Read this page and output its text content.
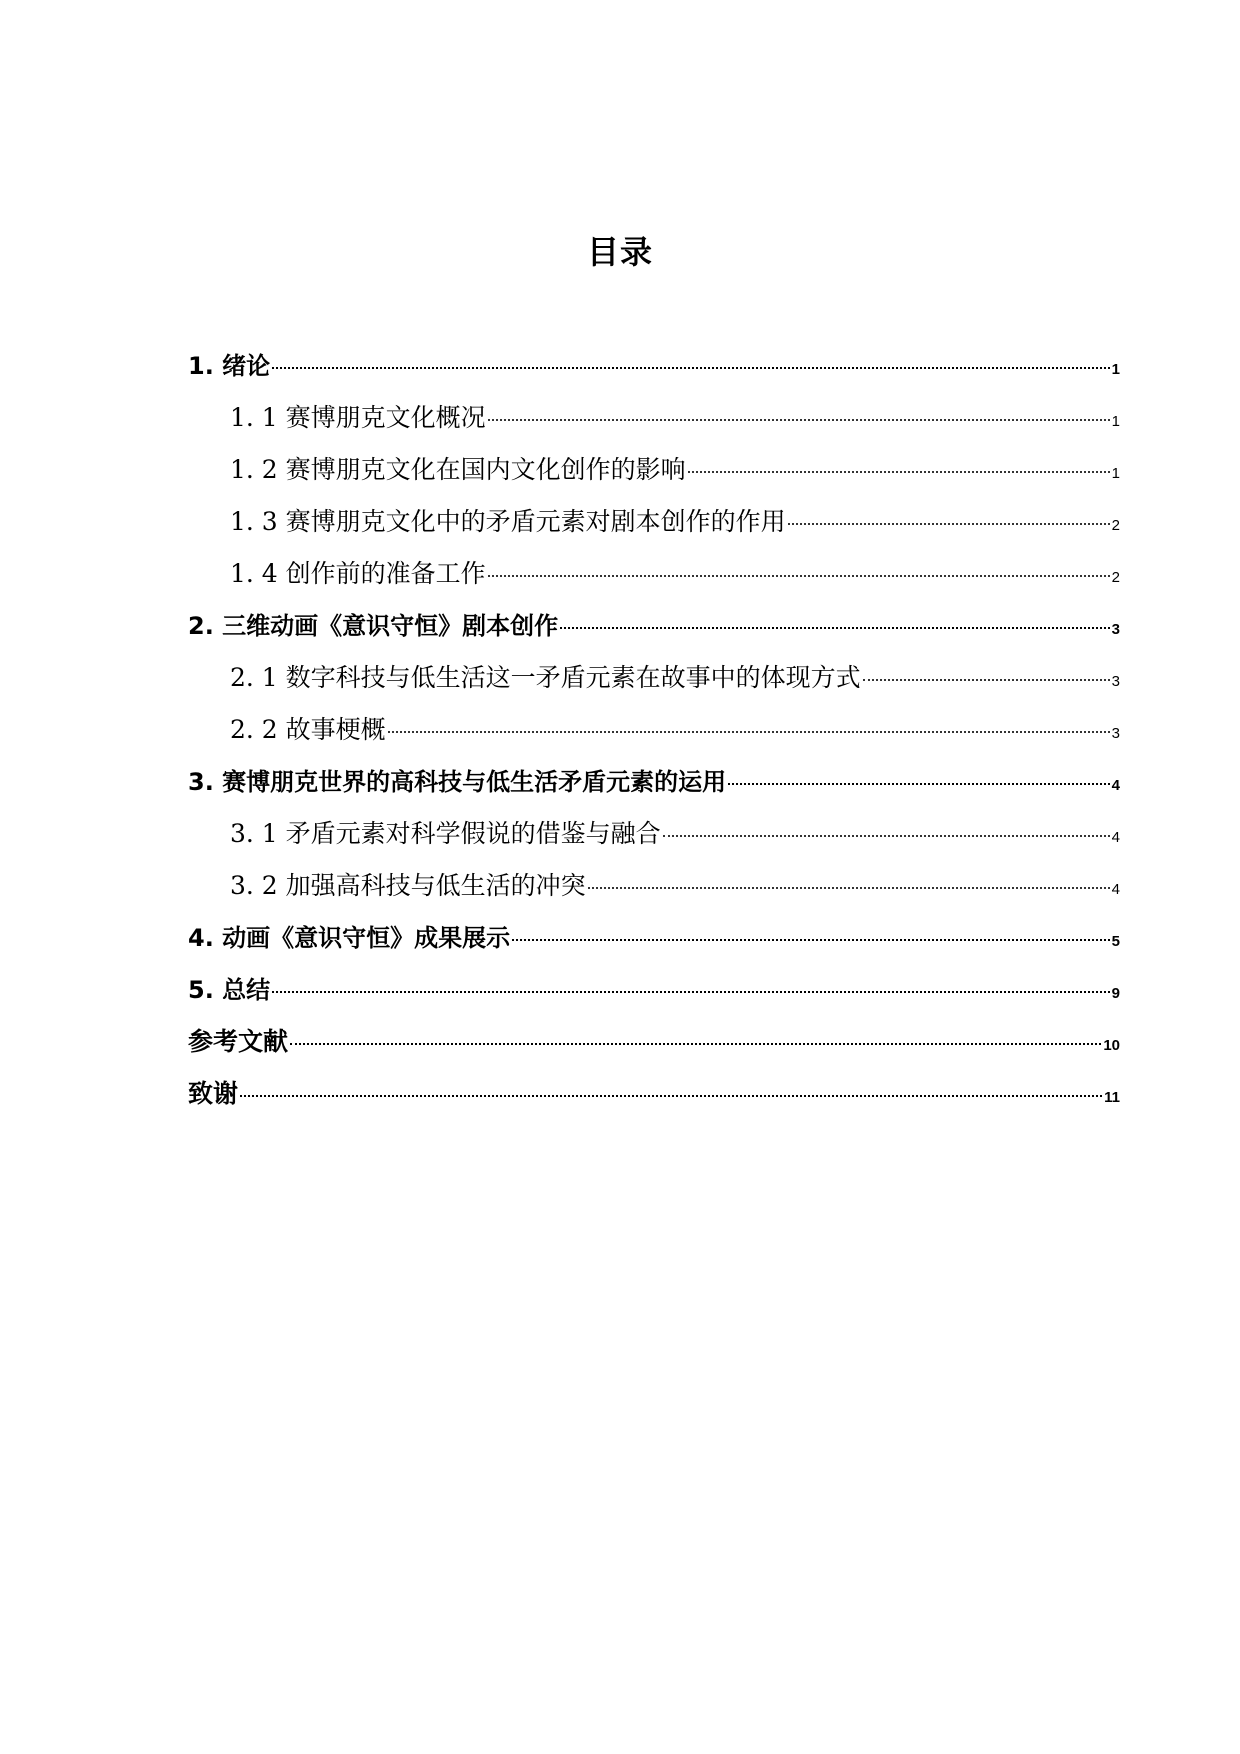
目录
1. 绪论	1
1. 1 赛博朋克文化概况	1
1. 2 赛博朋克文化在国内文化创作的影响	1
1. 3 赛博朋克文化中的矛盾元素对剧本创作的作用	2
1. 4 创作前的准备工作	2
2. 三维动画《意识守恒》剧本创作	3
2. 1 数字科技与低生活这一矛盾元素在故事中的体现方式	3
2. 2 故事梗概	3
3. 赛博朋克世界的高科技与低生活矛盾元素的运用	4
3. 1 矛盾元素对科学假说的借鉴与融合	4
3. 2 加强高科技与低生活的冲突	4
4. 动画《意识守恒》成果展示	5
5. 总结	9
参考文献	10
致谢	11
